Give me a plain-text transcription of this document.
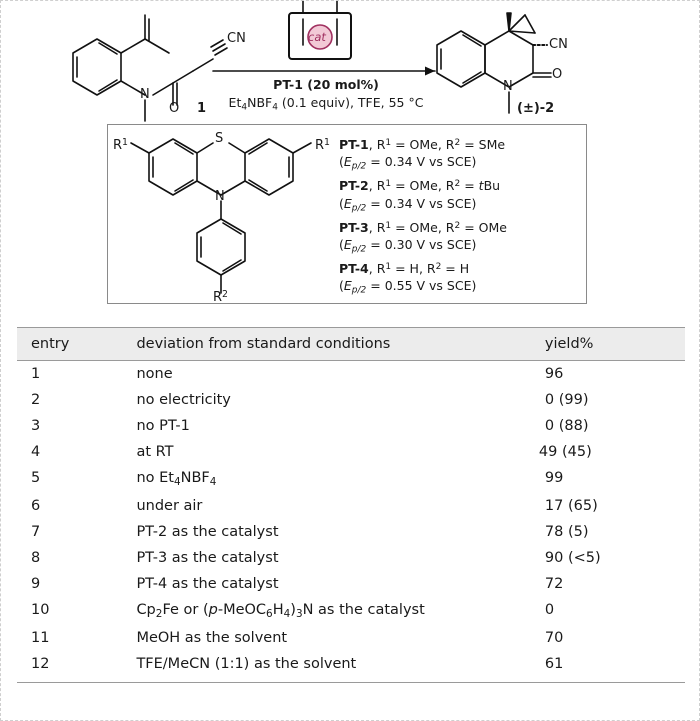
CN
O
N
1
cat
PT-1 (20 mol%)
$Et_4NBF_4$ (0.1 equiv), TFE, 55 °C
CN
O
N
(±)-2
$R^1$	$R^1$
$R^2$
S
N
PT-1, $R^1$ = OMe, $R^2$ = SMe
($E_{p/2} = 0.34$ V vs SCE)
PT-2, $R^1$ = OMe, $R^2$ = tBu
($E_{p/2} = 0.34$ V vs SCE)
PT-3, $R^1$ = OMe, $R^2$ = OMe
($E_{p/2} = 0.30$ V vs SCE)
PT-4, $R^1 = H$, $R^2 = H$
($E_{p/2} = 0.55$ V vs SCE)
entry	deviation from standard conditions	yield%
1	none	96
2	no electricity	0 (99)
3	no PT-1	0 (88)
4	at RT	49 (45)
5	no $Et_4NBF_4$	99
6	under air	17 (65)
7	PT-2 as the catalyst	78 (5)
8	PT-3 as the catalyst	90 (<5)
9	PT-4 as the catalyst	72
10	$Cp_2Fe$ or $(p-MeOC_6H_4)_3N$ as the catalyst	0
11	MeOH as the solvent	70
12	TFE/MeCN (1:1) as the solvent	61
